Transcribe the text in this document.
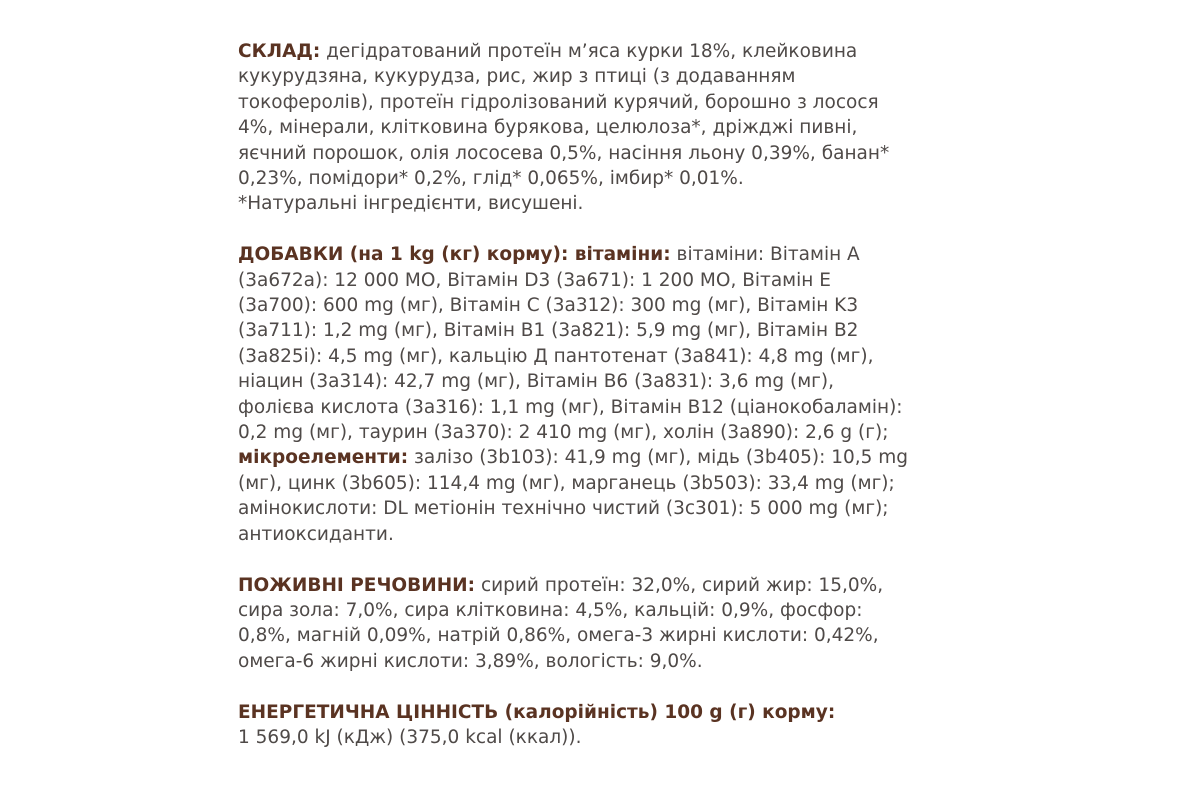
СКЛАД: дегідратований протеїн м’яса курки 18%, клейковина

кукурудзяна, кукурудза, рис, жир з птиці (з додаванням

токоферолів), протеїн гідролізований курячий, борошно з лосося

4%, мінерали, клітковина бурякова, целюлоза*, дріжджі пивні,

яєчний порошок, олія лососева 0,5%, насіння льону 0,39%, банан*

0,23%, помідори* 0,2%, глід* 0,065%, імбир* 0,01%.

*Натуральні інгредієнти, висушені.

ДОБАВКИ (на 1 kg (кг) корму): вітаміни: вітаміни: Вітамін А

(3a672a): 12 000 МО, Вітамін D3 (3a671): 1 200 МО, Вітамін Е

(3a700): 600 mg (мг), Вітамін С (3a312): 300 mg (мг), Вітамін K3

(3a711): 1,2 mg (мг), Вітамін В1 (3a821): 5,9 mg (мг), Вітамін В2

(3a825i): 4,5 mg (мг), кальцію Д пантотенат (3a841): 4,8 mg (мг),

ніацин (3a314): 42,7 mg (мг), Вітамін В6 (3a831): 3,6 mg (мг),

фолієва кислота (3a316): 1,1 mg (мг), Вітамін В12 (ціанокобаламін):

0,2 mg (мг), таурин (3a370): 2 410 mg (мг), холін (3a890): 2,6 g (г);

мікроелементи: залізо (3b103): 41,9 mg (мг), мідь (3b405): 10,5 mg

(мг), цинк (3b605): 114,4 mg (мг), марганець (3b503): 33,4 mg (мг);

амінокислоти: DL метіонін технічно чистий (3c301): 5 000 mg (мг);

антиоксиданти.

ПОЖИВНІ РЕЧОВИНИ: сирий протеїн: 32,0%, сирий жир: 15,0%,

сира зола: 7,0%, сира клітковина: 4,5%, кальцій: 0,9%, фосфор:

0,8%, магній 0,09%, натрій 0,86%, омега-3 жирні кислоти: 0,42%,

омега-6 жирні кислоти: 3,89%, вологість: 9,0%.

ЕНЕРГЕТИЧНА ЦІННІСТЬ (калорійність) 100 g (г) корму:

1 569,0 kJ (кДж) (375,0 kcal (ккал)).
